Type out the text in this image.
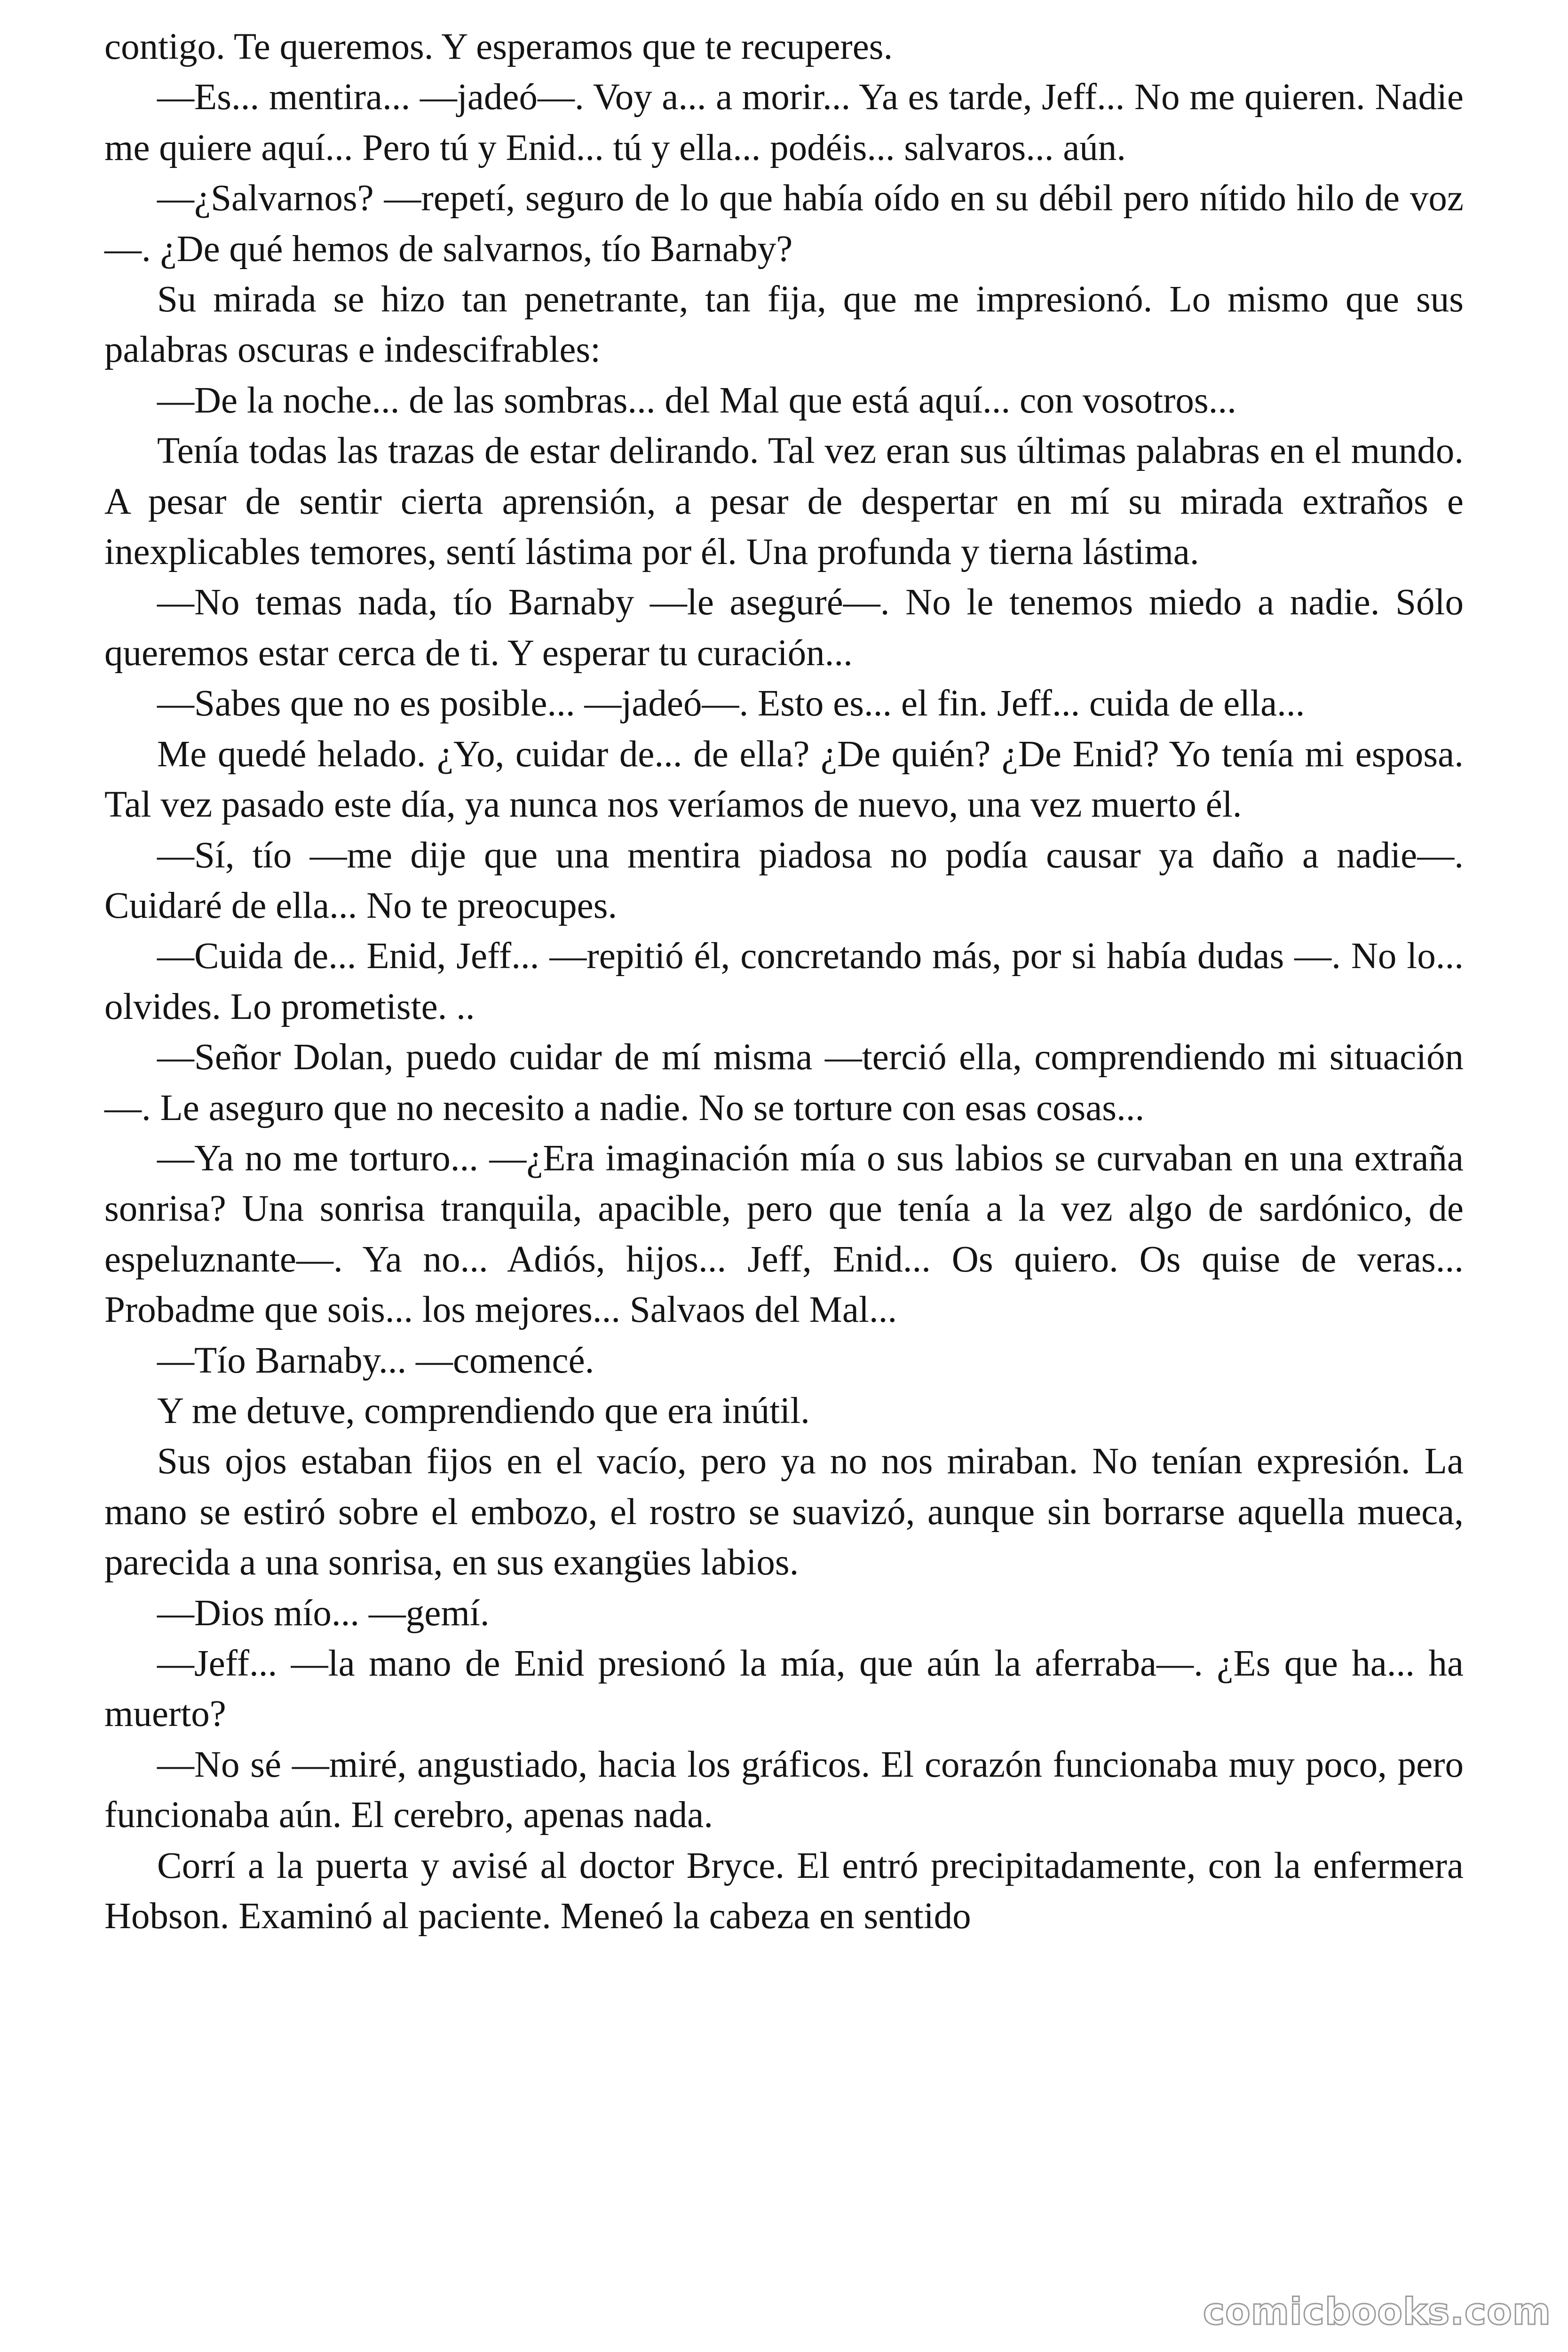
contigo. Te queremos. Y esperamos que te recuperes.

—Es... mentira... —jadeó—. Voy a... a morir... Ya es tarde, Jeff... No me quieren. Nadie me quiere aquí... Pero tú y Enid... tú y ella... podéis... salvaros... aún.

—¿Salvarnos? —repetí, seguro de lo que había oído en su débil pero nítido hilo de voz—. ¿De qué hemos de salvarnos, tío Barnaby?

Su mirada se hizo tan penetrante, tan fija, que me impresionó. Lo mismo que sus palabras oscuras e indescifrables:

—De la noche... de las sombras... del Mal que está aquí... con vosotros...

Tenía todas las trazas de estar delirando. Tal vez eran sus últimas palabras en el mundo. A pesar de sentir cierta aprensión, a pesar de despertar en mí su mirada extraños e inexplicables temores, sentí lástima por él. Una profunda y tierna lástima.

—No temas nada, tío Barnaby —le aseguré—. No le tenemos miedo a nadie. Sólo queremos estar cerca de ti. Y esperar tu curación...

—Sabes que no es posible... —jadeó—. Esto es... el fin. Jeff... cuida de ella...

Me quedé helado. ¿Yo, cuidar de... de ella? ¿De quién? ¿De Enid? Yo tenía mi esposa. Tal vez pasado este día, ya nunca nos veríamos de nuevo, una vez muerto él.

—Sí, tío —me dije que una mentira piadosa no podía causar ya daño a nadie—. Cuidaré de ella... No te preocupes.

—Cuida de... Enid, Jeff... —repitió él, concretando más, por si había dudas —. No lo... olvides. Lo prometiste. ..

—Señor Dolan, puedo cuidar de mí misma —terció ella, comprendiendo mi situación—. Le aseguro que no necesito a nadie. No se torture con esas cosas...

—Ya no me torturo... —¿Era imaginación mía o sus labios se curvaban en una extraña sonrisa? Una sonrisa tranquila, apacible, pero que tenía a la vez algo de sardónico, de espeluznante—. Ya no... Adiós, hijos... Jeff, Enid... Os quiero. Os quise de veras... Probadme que sois... los mejores... Salvaos del Mal...

—Tío Barnaby... —comencé.

Y me detuve, comprendiendo que era inútil.

Sus ojos estaban fijos en el vacío, pero ya no nos miraban. No tenían expresión. La mano se estiró sobre el embozo, el rostro se suavizó, aunque sin borrarse aquella mueca, parecida a una sonrisa, en sus exangües labios.

—Dios mío... —gemí.

—Jeff... —la mano de Enid presionó la mía, que aún la aferraba—. ¿Es que ha... ha muerto?

—No sé —miré, angustiado, hacia los gráficos. El corazón funcionaba muy poco, pero funcionaba aún. El cerebro, apenas nada.

Corrí a la puerta y avisé al doctor Bryce. El entró precipitadamente, con la enfermera Hobson. Examinó al paciente. Meneó la cabeza en sentido

comicbooks.com
